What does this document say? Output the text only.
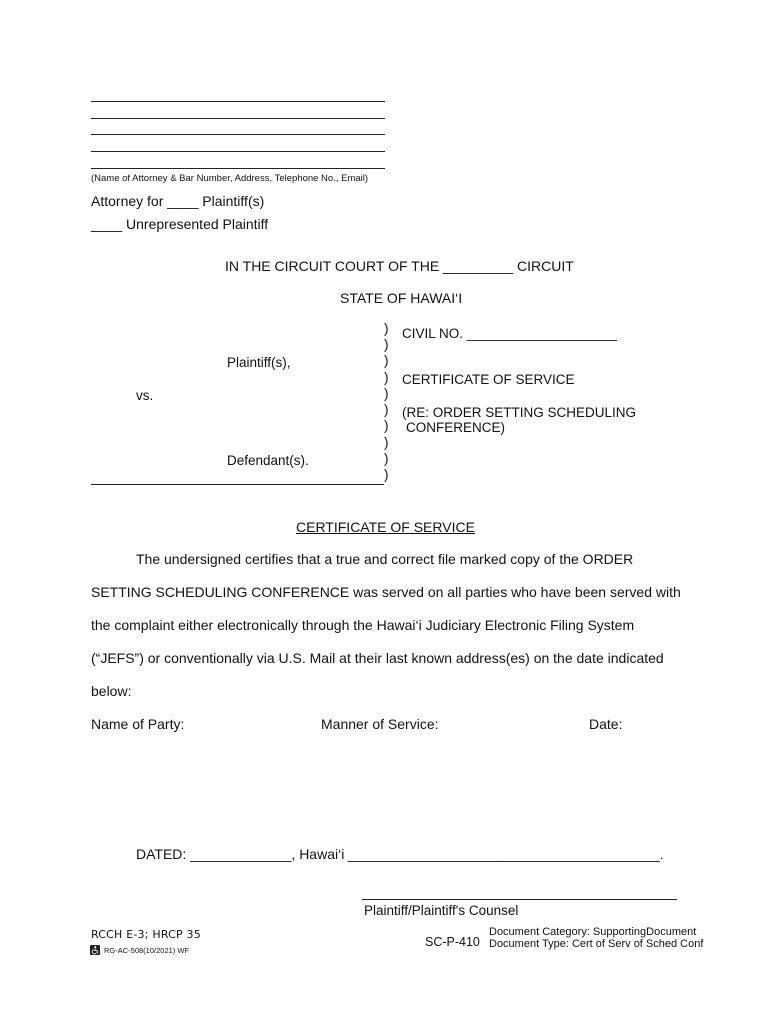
(Name of Attorney & Bar Number, Address, Telephone No., Email)
Attorney for ____ Plaintiff(s)
____ Unrepresented Plaintiff
IN THE CIRCUIT COURT OF THE _________ CIRCUIT
STATE OF HAWAI‘I
)
)
)
)
)
)
)
)
)
)
Plaintiff(s),
vs.
Defendant(s).
CIVIL NO. ____________________
CERTIFICATE OF SERVICE
(RE: ORDER SETTING SCHEDULING
CONFERENCE)
CERTIFICATE OF SERVICE
The undersigned certifies that a true and correct file marked copy of the ORDER
SETTING SCHEDULING CONFERENCE was served on all parties who have been served with
the complaint either electronically through the Hawai‘i Judiciary Electronic Filing System
(“JEFS”) or conventionally via U.S. Mail at their last known address(es) on the date indicated
below:
Name of Party:	Manner of Service:	Date:
DATED: _____________, Hawai‘i ________________________________________.
Plaintiff/Plaintiff's Counsel
RCCH E-3; HRCP 35
RG-AC-508(10/2021) WF
SC-P-410
Document Category: SupportingDocument
Document Type: Cert of Serv of Sched Conf
